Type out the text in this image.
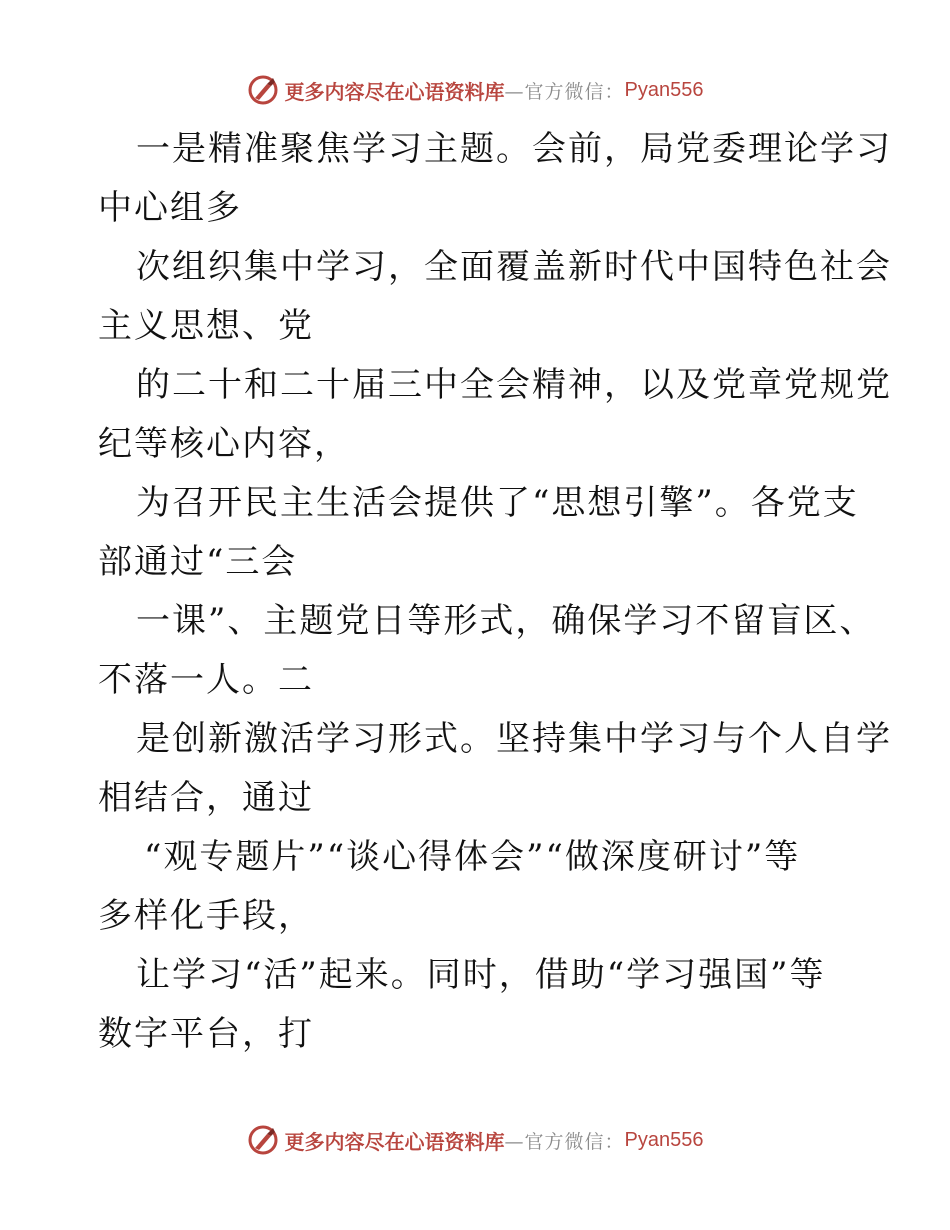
更多内容尽在心语资料库 —官方微信： Pyan556
一是精准聚焦学习主题。会前，局党委理论学习
中心组多
次组织集中学习，全面覆盖新时代中国特色社会
主义思想、党
的二十和二十届三中全会精神，以及党章党规党
纪等核心内容，
为召开民主生活会提供了“思想引擎”。各党支
部通过“三会
一课”、主题党日等形式，确保学习不留盲区、
不落一人。二
是创新激活学习形式。坚持集中学习与个人自学
相结合，通过
“观专题片”“谈心得体会”“做深度研讨”等
多样化手段，
让学习“活”起来。同时，借助“学习强国”等
数字平台，打
更多内容尽在心语资料库 —官方微信： Pyan556
